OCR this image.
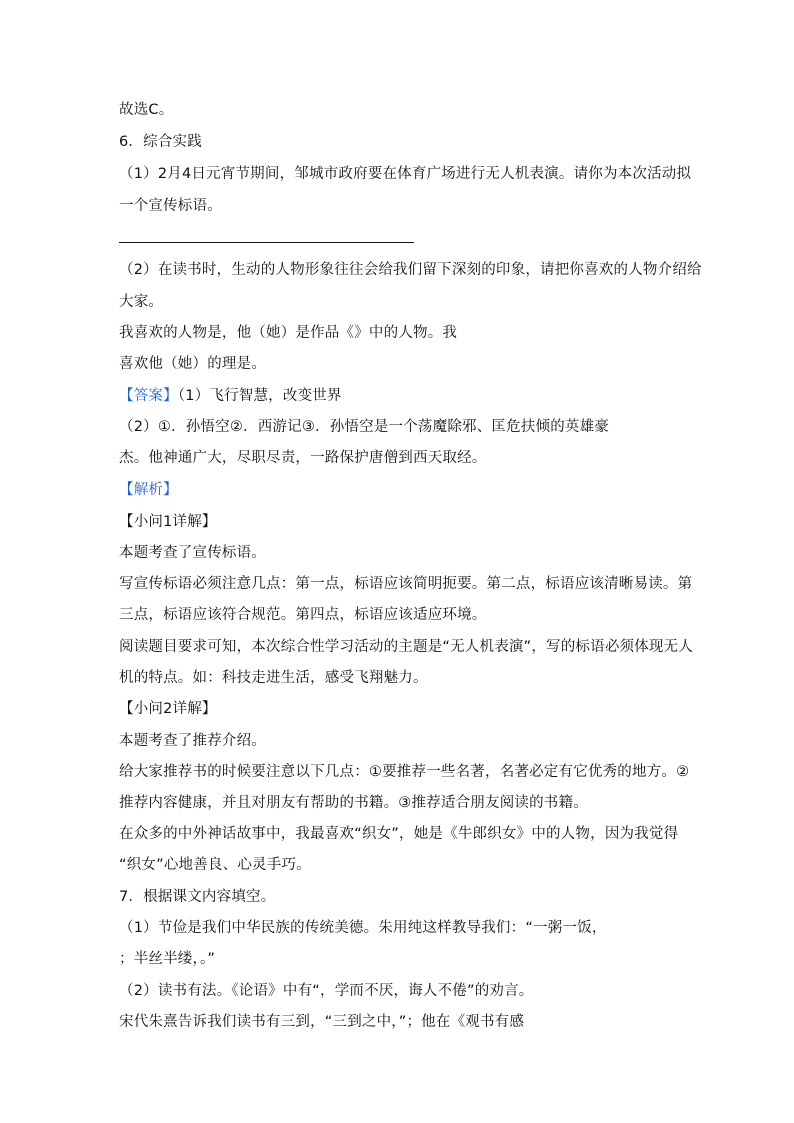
故选C。

6．综合实践

（1）2月4日元宵节期间，邹城市政府要在体育广场进行无人机表演。请你为本次活动拟

一个宣传标语。

（2）在读书时，生动的人物形象往往会给我们留下深刻的印象，请把你喜欢的人物介绍给

大家。

我喜欢的人物是，他（她）是作品《》中的人物。我

喜欢他（她）的理是。

【答案】（1）飞行智慧，改变世界

（2）①．孙悟空②．西游记③．孙悟空是一个荡魔除邪、匡危扶倾的英雄豪

杰。他神通广大，尽职尽责，一路保护唐僧到西天取经。

【解析】

【小问1详解】

本题考查了宣传标语。

写宣传标语必须注意几点：第一点，标语应该简明扼要。第二点，标语应该清晰易读。第

三点，标语应该符合规范。第四点，标语应该适应环境。

阅读题目要求可知，本次综合性学习活动的主题是“无人机表演”，写的标语必须体现无人

机的特点。如：科技走进生活，感受飞翔魅力。

【小问2详解】

本题考查了推荐介绍。

给大家推荐书的时候要注意以下几点：①要推荐一些名著，名著必定有它优秀的地方。②

推荐内容健康，并且对朋友有帮助的书籍。③推荐适合朋友阅读的书籍。

在众多的中外神话故事中，我最喜欢“织女”，她是《牛郎织女》中的人物，因为我觉得

“织女”心地善良、心灵手巧。

7．根据课文内容填空。

（1）节俭是我们中华民族的传统美德。朱用纯这样教导我们：“一粥一饭，

；半丝半缕，。”

（2）读书有法。《论语》中有“，学而不厌，诲人不倦”的劝言。

宋代朱熹告诉我们读书有三到，“三到之中，”；他在《观书有感
